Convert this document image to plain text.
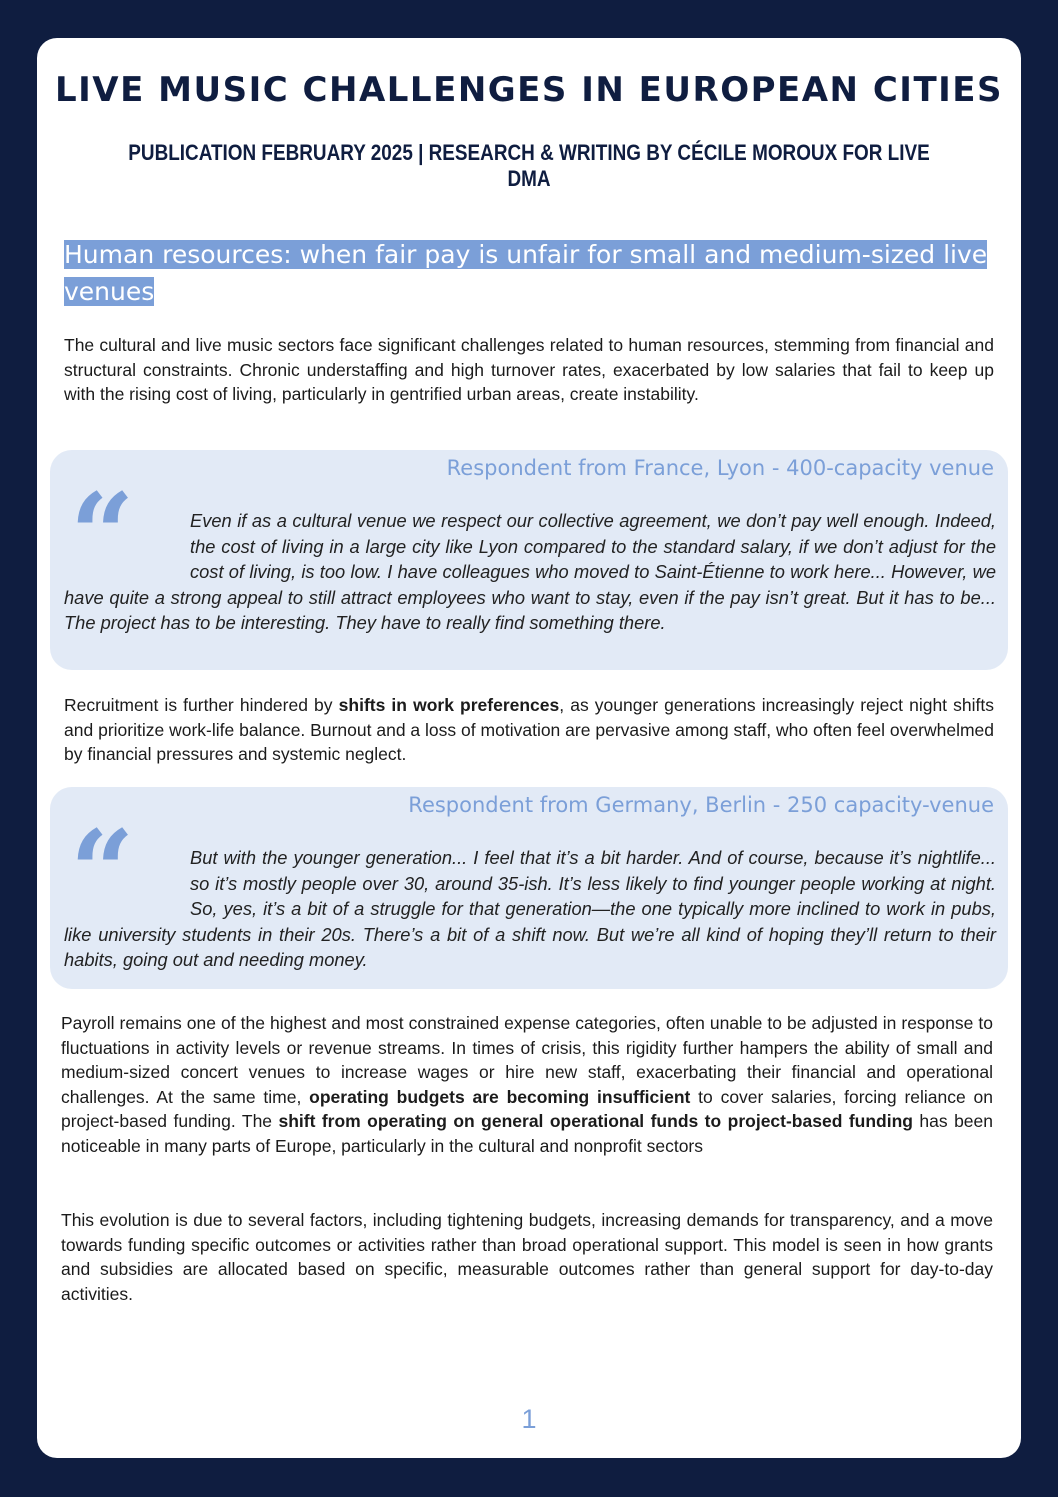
LIVE MUSIC CHALLENGES IN EUROPEAN CITIES
PUBLICATION FEBRUARY 2025 | RESEARCH & WRITING BY CÉCILE MOROUX FOR LIVE DMA
Human resources: when fair pay is unfair for small and medium-sized live venues

The cultural and live music sectors face significant challenges related to human resources, stemming from financial and structural constraints. Chronic understaffing and high turnover rates, exacerbated by low salaries that fail to keep up with the rising cost of living, particularly in gentrified urban areas, create instability.

Respondent from France, Lyon - 400-capacity venue

“	Even if as a cultural venue we respect our collective agreement, we don’t pay well enough. Indeed, the cost of living in a large city like Lyon compared to the standard salary, if we don’t adjust for the cost of living, is too low. I have colleagues who moved to Saint-Étienne to work here... However, we have quite a strong appeal to still attract employees who want to stay, even if the pay isn’t great. But it has to be... The project has to be interesting. They have to really find something there.

Recruitment is further hindered by shifts in work preferences, as younger generations increasingly reject night shifts and prioritize work-life balance. Burnout and a loss of motivation are pervasive among staff, who often feel overwhelmed by financial pressures and systemic neglect.

Respondent from Germany, Berlin - 250 capacity-venue

“	But with the younger generation... I feel that it’s a bit harder. And of course, because it’s nightlife... so it’s mostly people over 30, around 35-ish. It’s less likely to find younger people working at night. So, yes, it’s a bit of a struggle for that generation—the one typically more inclined to work in pubs, like university students in their 20s. There’s a bit of a shift now. But we’re all kind of hoping they’ll return to their habits, going out and needing money.

Payroll remains one of the highest and most constrained expense categories, often unable to be adjusted in response to fluctuations in activity levels or revenue streams. In times of crisis, this rigidity further hampers the ability of small and medium-sized concert venues to increase wages or hire new staff, exacerbating their financial and operational challenges. At the same time, operating budgets are becoming insufficient to cover salaries, forcing reliance on project-based funding. The shift from operating on general operational funds to project-based funding has been noticeable in many parts of Europe, particularly in the cultural and nonprofit sectors

This evolution is due to several factors, including tightening budgets, increasing demands for transparency, and a move towards funding specific outcomes or activities rather than broad operational support. This model is seen in how grants and subsidies are allocated based on specific, measurable outcomes rather than general support for day-to-day activities.

1
